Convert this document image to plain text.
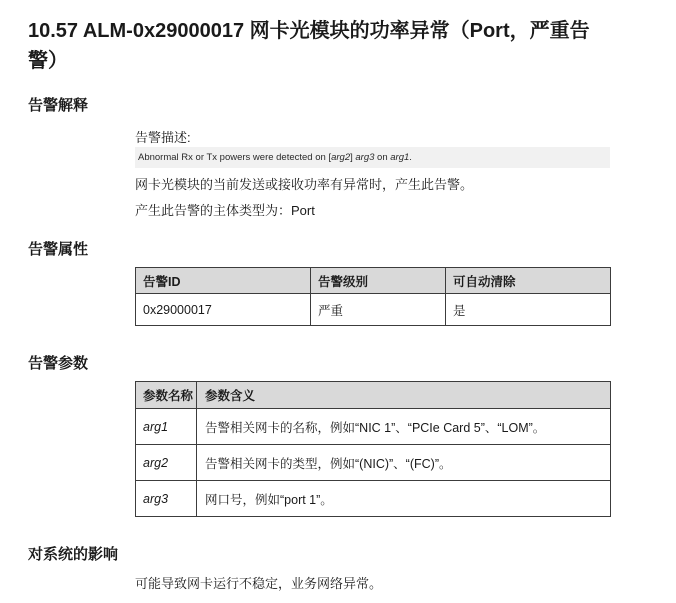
10.57 ALM-0x29000017 网卡光模块的功率异常（Port，严重告警）
告警解释
告警描述:
Abnormal Rx or Tx powers were detected on [arg2] arg3 on arg1.
网卡光模块的当前发送或接收功率有异常时，产生此告警。
产生此告警的主体类型为：Port
告警属性
告警ID	告警级别	可自动清除
0x29000017	严重	是
告警参数
参数名称	参数含义
arg1	告警相关网卡的名称，例如“NIC 1”、“PCIe Card 5”、“LOM”。
arg2	告警相关网卡的类型，例如“(NIC)”、“(FC)”。
arg3	网口号，例如“port 1”。
对系统的影响
可能导致网卡运行不稳定，业务网络异常。
